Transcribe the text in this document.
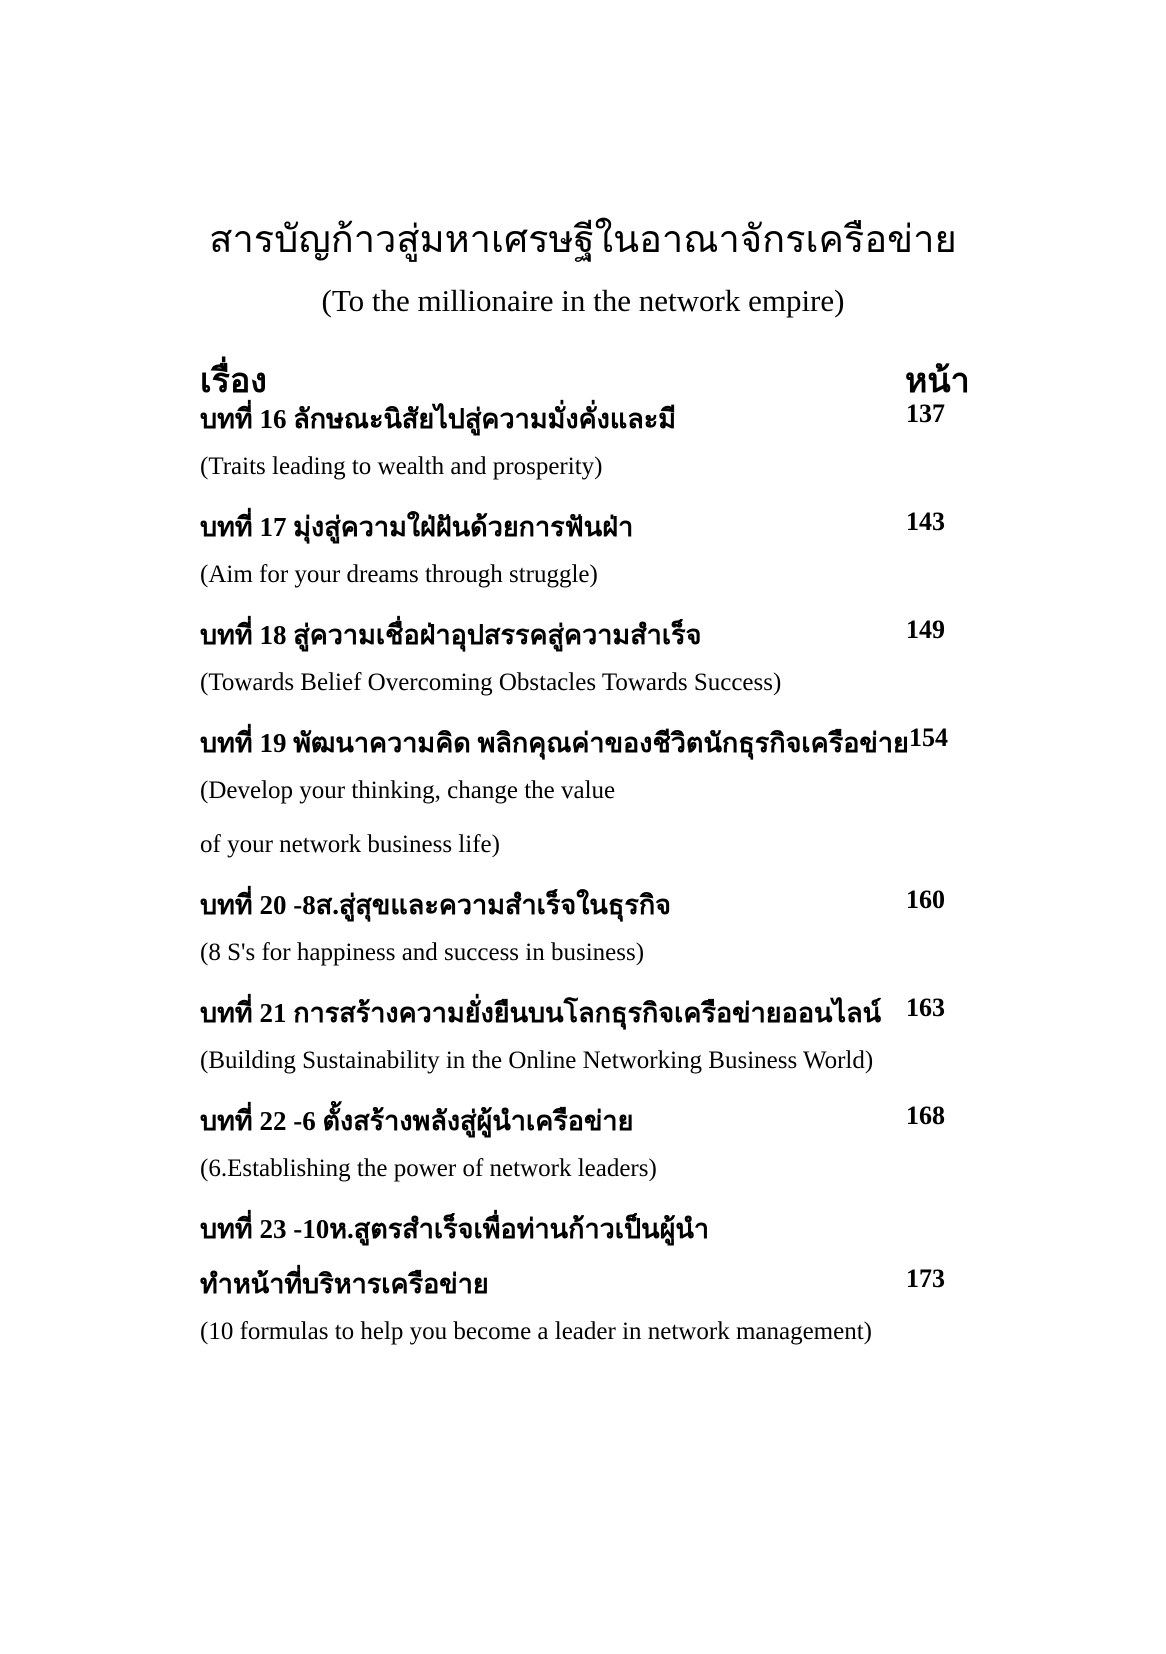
สารบัญก้าวสู่มหาเศรษฐีในอาณาจักรเครือข่าย
(To the millionaire in the network empire)
เรื่อง	หน้า
บทที่ 16 ลักษณะนิสัยไปสู่ความมั่งคั่งและมี	137
(Traits leading to wealth and prosperity)
บทที่ 17 มุ่งสู่ความใฝ่ฝันด้วยการฟันฝ่า	143
(Aim for your dreams through struggle)
บทที่ 18 สู่ความเชื่อฝ่าอุปสรรคสู่ความสำเร็จ	149
(Towards Belief Overcoming Obstacles Towards Success)
บทที่ 19 พัฒนาความคิด พลิกคุณค่าของชีวิตนักธุรกิจเครือข่าย 154
(Develop your thinking, change the value
of your network business life)
บทที่ 20 -8ส.สู่สุขและความสำเร็จในธุรกิจ	160
(8 S's for happiness and success in business)
บทที่ 21 การสร้างความยั่งยืนบนโลกธุรกิจเครือข่ายออนไลน์ 163
(Building Sustainability in the Online Networking Business World)
บทที่ 22 -6 ตั้งสร้างพลังสู่ผู้นำเครือข่าย	168
(6.Establishing the power of network leaders)
บทที่ 23 -10ห.สูตรสำเร็จเพื่อท่านก้าวเป็นผู้นำ
ทำหน้าที่บริหารเครือข่าย	173
(10 formulas to help you become a leader in network management)
